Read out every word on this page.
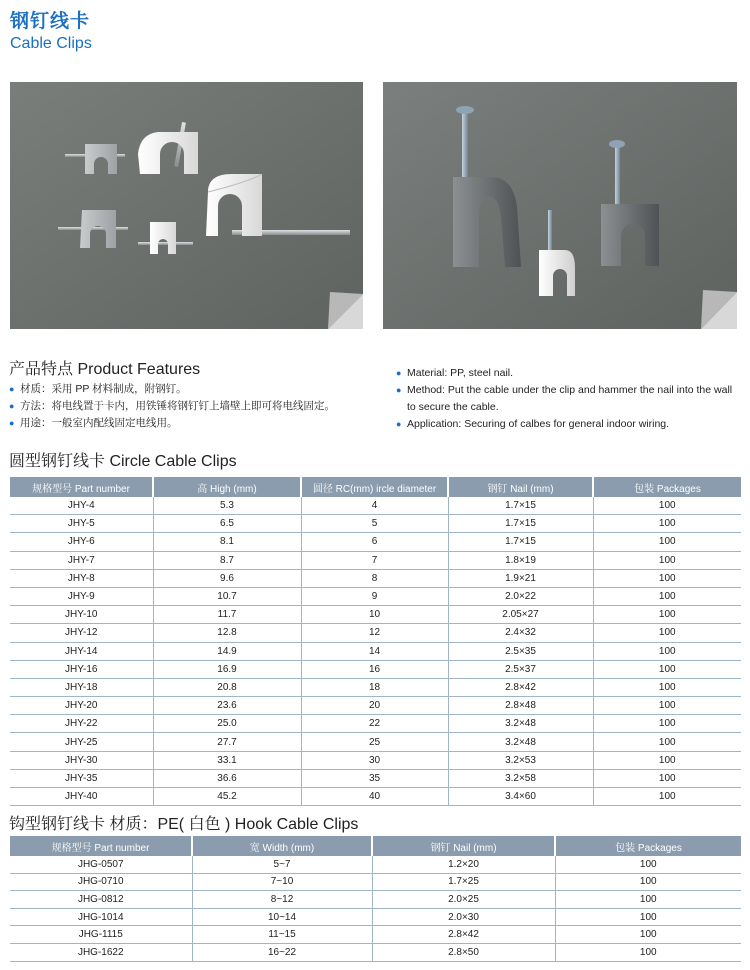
钢钉线卡
Cable Clips
产品特点 Product Features
● 材质：采用 PP 材料制成，附钢钉。
● 方法：将电线置于卡内，用铁锤将钢钉钉上墙壁上即可将电线固定。
● 用途：一般室内配线固定电线用。
● Material: PP, steel nail.
● Method: Put the cable under the clip and hammer the nail into the wall to secure the cable.
● Application: Securing of calbes for general indoor wiring.
圆型钢钉线卡 Circle Cable Clips
规格型号 Part number	高 High (mm)	圆径 RC(mm) ircle diameter	钢钉 Nail (mm)	包装 Packages
JHY-4	5.3	4	1.7×15	100
JHY-5	6.5	5	1.7×15	100
JHY-6	8.1	6	1.7×15	100
JHY-7	8.7	7	1.8×19	100
JHY-8	9.6	8	1.9×21	100
JHY-9	10.7	9	2.0×22	100
JHY-10	11.7	10	2.05×27	100
JHY-12	12.8	12	2.4×32	100
JHY-14	14.9	14	2.5×35	100
JHY-16	16.9	16	2.5×37	100
JHY-18	20.8	18	2.8×42	100
JHY-20	23.6	20	2.8×48	100
JHY-22	25.0	22	3.2×48	100
JHY-25	27.7	25	3.2×48	100
JHY-30	33.1	30	3.2×53	100
JHY-35	36.6	35	3.2×58	100
JHY-40	45.2	40	3.4×60	100
钩型钢钉线卡 材质：PE( 白色 ) Hook Cable Clips
规格型号 Part number	宽 Width (mm)	钢钉 Nail (mm)	包装 Packages
JHG-0507	5~7	1.2×20	100
JHG-0710	7~10	1.7×25	100
JHG-0812	8~12	2.0×25	100
JHG-1014	10~14	2.0×30	100
JHG-1115	11~15	2.8×42	100
JHG-1622	16~22	2.8×50	100
